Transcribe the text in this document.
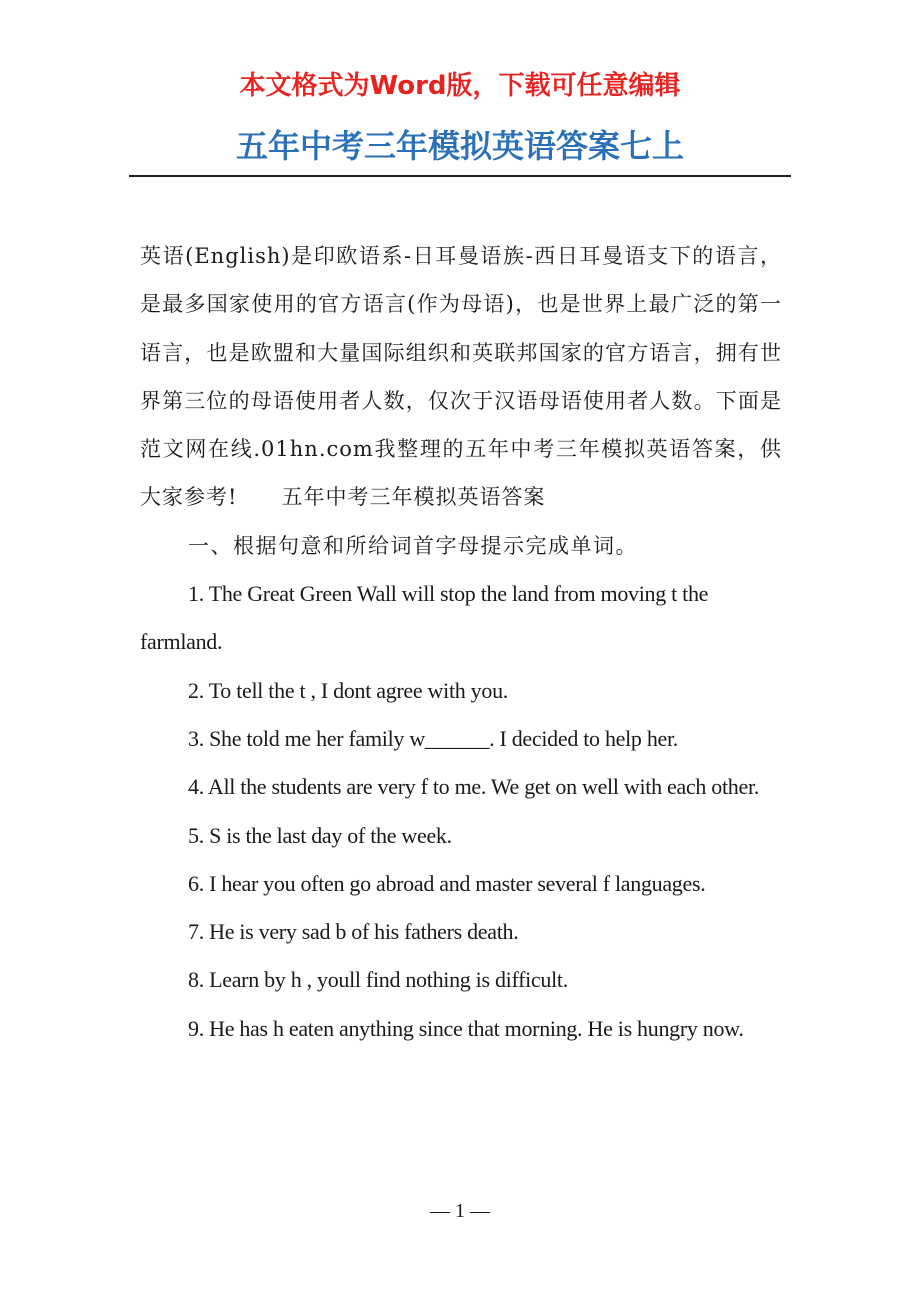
本文格式为Word版，下载可任意编辑
五年中考三年模拟英语答案七上

英语(English)是印欧语系-日耳曼语族-西日耳曼语支下的语言，是最多国家使用的官方语言(作为母语)，也是世界上最广泛的第一语言，也是欧盟和大量国际组织和英联邦国家的官方语言，拥有世界第三位的母语使用者人数，仅次于汉语母语使用者人数。下面是范文网在线.01hn.com我整理的五年中考三年模拟英语答案，供大家参考!　　五年中考三年模拟英语答案

一、根据句意和所给词首字母提示完成单词。

1. The Great Green Wall will stop the land from moving t the farmland.

2. To tell the t , I dont agree with you.

3. She told me her family w______. I decided to help her.

4. All the students are very f to me. We get on well with each other.

5. S is the last day of the week.

6. I hear you often go abroad and master several f languages.

7. He is very sad b of his fathers death.

8. Learn by h , youll find nothing is difficult.

9. He has h eaten anything since that morning. He is hungry now.

— 1 —
